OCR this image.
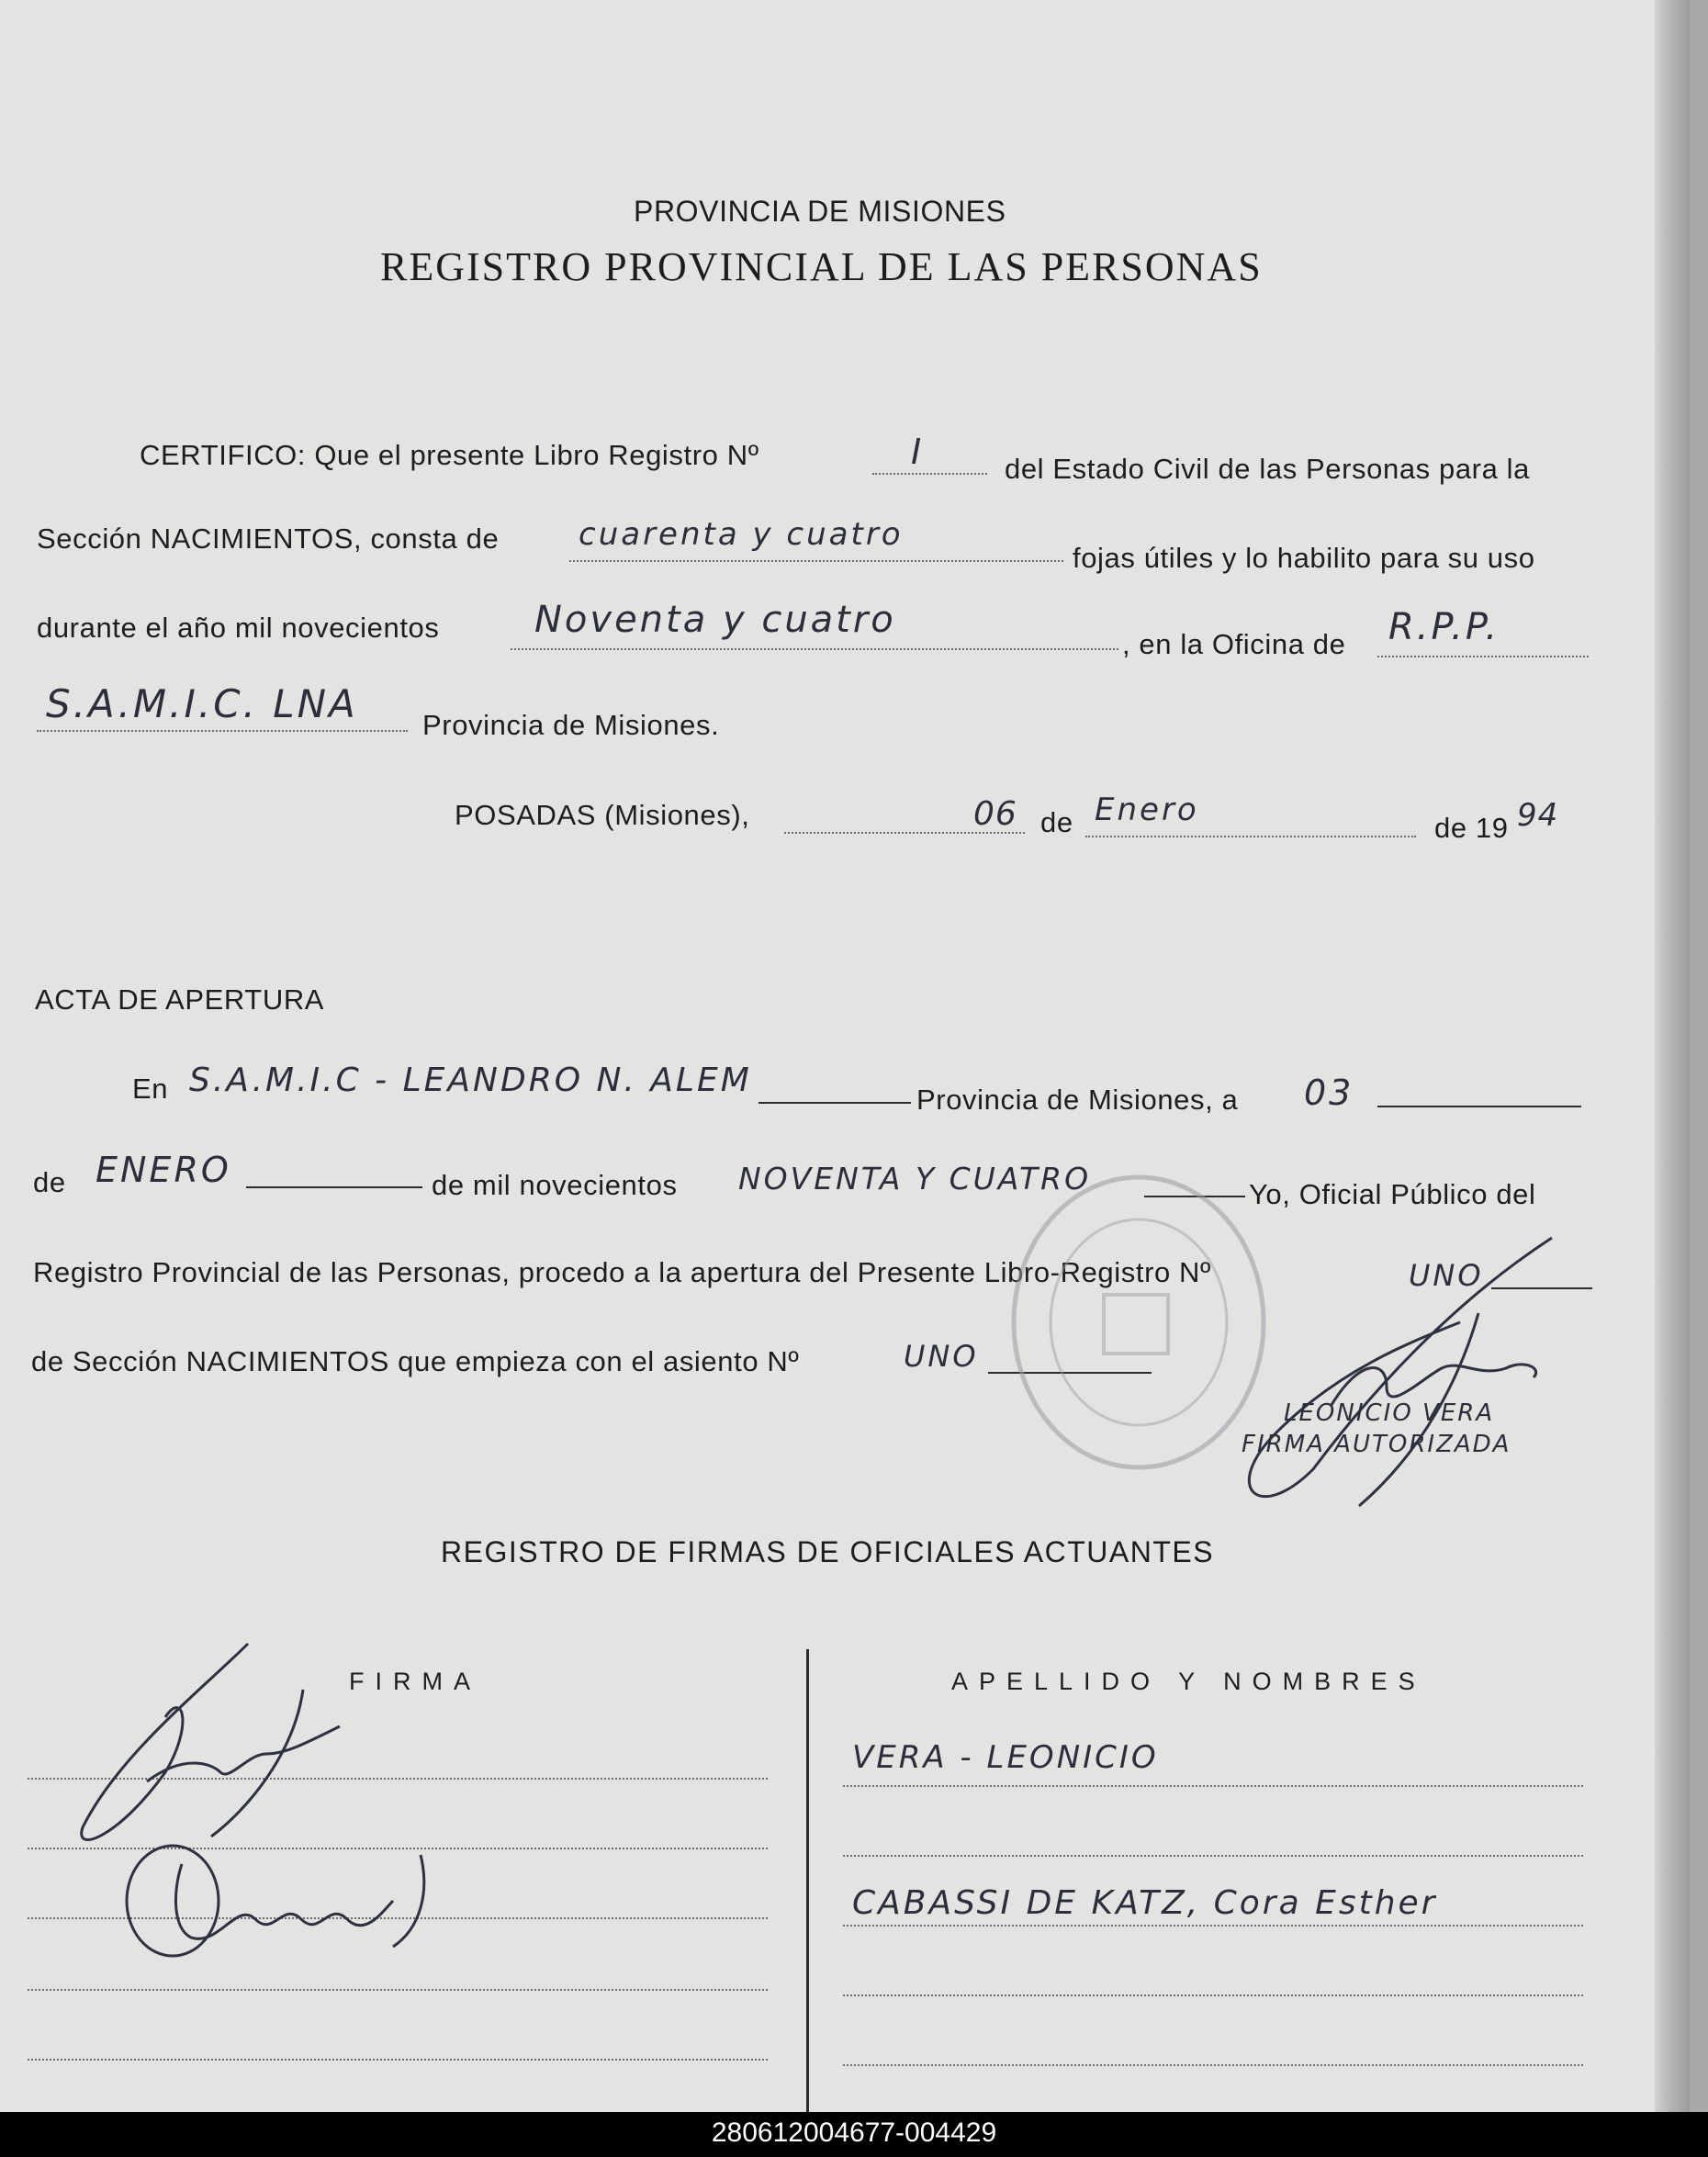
PROVINCIA DE MISIONES
REGISTRO PROVINCIAL DE LAS PERSONAS
CERTIFICO: Que el presente Libro Registro Nº	I	del Estado Civil de las Personas para la
Sección NACIMIENTOS, consta de	cuarenta y cuatro
fojas útiles y lo habilito para su uso
durante el año mil novecientos	Noventa y cuatro
, en la Oficina de R.P.P.
S.A.M.I.C. LNA Provincia de Misiones.
POSADAS (Misiones),	06 de Enero	de 19 94
ACTA DE APERTURA
En S.A.M.I.C - LEANDRO N. ALEM
Provincia de Misiones, a 03
de ENERO	de mil novecientos NOVENTA Y CUATRO	Yo, Oficial Público del
Registro Provincial de las Personas, procedo a la apertura del Presente Libro-Registro Nº	UNO
de Sección NACIMIENTOS que empieza con el asiento Nº	UNO
LEONICIO VERA
FIRMA AUTORIZADA
REGISTRO DE FIRMAS DE OFICIALES ACTUANTES
FIRMA	APELLIDO Y NOMBRES
VERA - LEONICIO
CABASSI DE KATZ, Cora Esther
280612004677-004429
